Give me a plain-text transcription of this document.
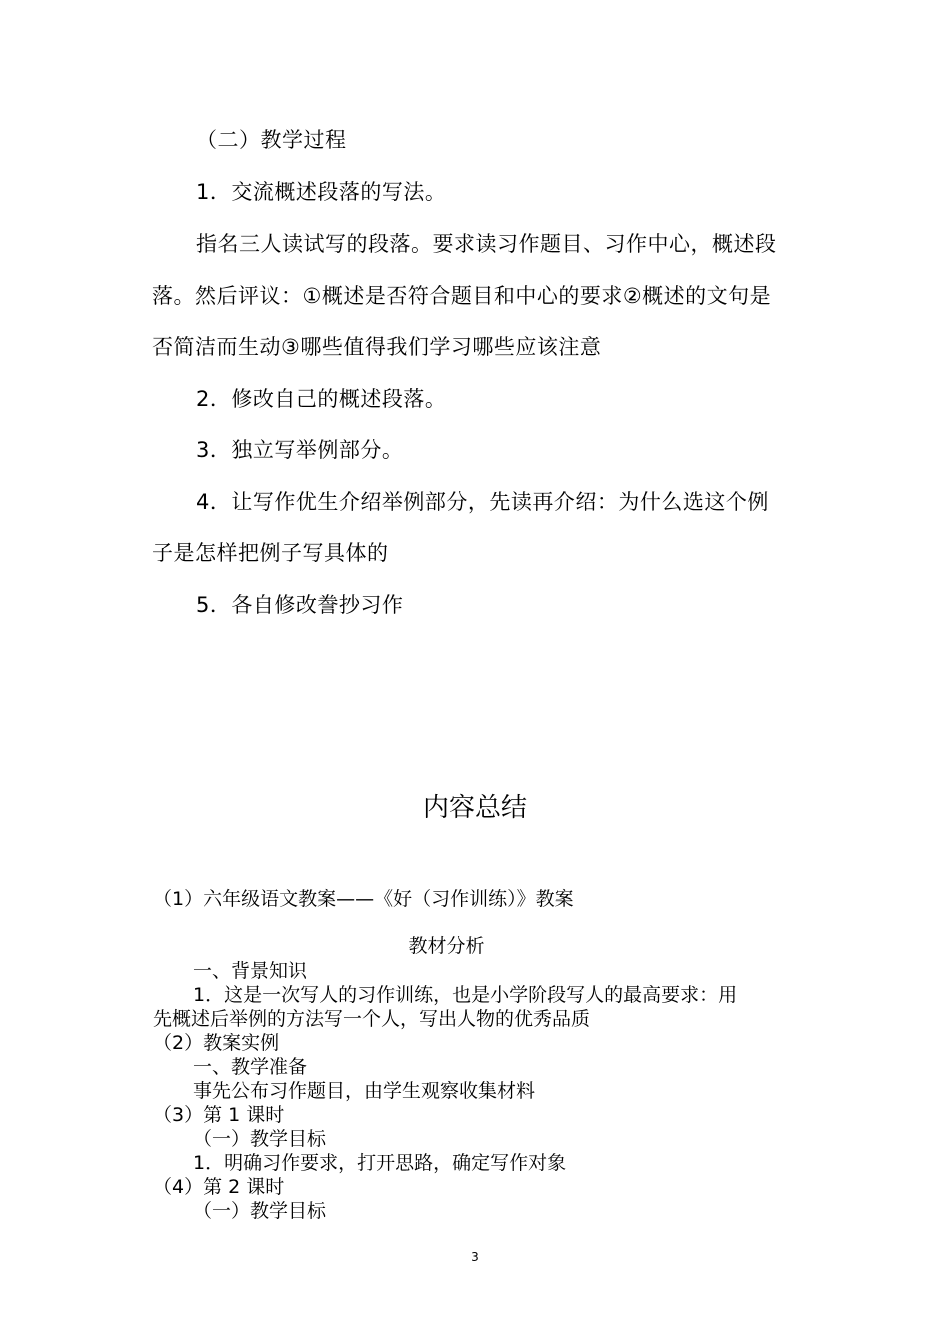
（二）教学过程

1．交流概述段落的写法。

指名三人读试写的段落。要求读习作题目、习作中心，概述段

落。然后评议：①概述是否符合题目和中心的要求②概述的文句是

否简洁而生动③哪些值得我们学习哪些应该注意

2．修改自己的概述段落。

3．独立写举例部分。

4．让写作优生介绍举例部分，先读再介绍：为什么选这个例

子是怎样把例子写具体的

5．各自修改誊抄习作

内容总结

（1）六年级语文教案——《好（习作训练）》教案

教材分析

一、背景知识

1．这是一次写人的习作训练，也是小学阶段写人的最高要求：用

先概述后举例的方法写一个人，写出人物的优秀品质

（2）教案实例

一、教学准备

事先公布习作题目，由学生观察收集材料

（3）第 1 课时

（一）教学目标

1．明确习作要求，打开思路，确定写作对象

（4）第 2 课时

（一）教学目标

3
